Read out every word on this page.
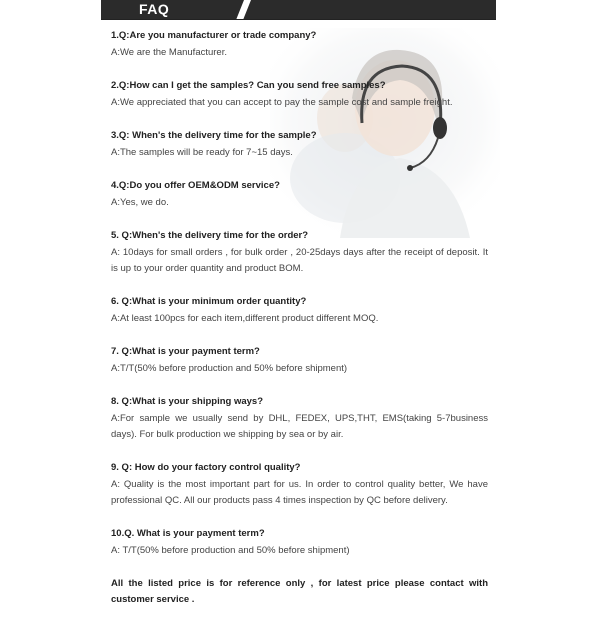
FAQ

1.Q:Are you manufacturer or trade company?

A:We are the Manufacturer.

2.Q:How can I get the samples? Can you send free samples?

A:We appreciated that you can accept to pay the sample cost and sample freight.

3.Q: When's the delivery time for the sample?

A:The samples will be ready for 7~15 days.

4.Q:Do you offer OEM&ODM service?

A:Yes, we do.

5. Q:When's the delivery time for the order?

A: 10days for small orders , for bulk order , 20-25days days after the receipt of deposit. It is up to your order quantity and product BOM.

6. Q:What is your minimum order quantity?

A:At least 100pcs for each item,different product different MOQ.

7. Q:What is your payment term?

A:T/T(50% before production and 50% before shipment)

8. Q:What is your shipping ways?

A:For sample we usually send by DHL, FEDEX, UPS,THT, EMS(taking 5-7business days). For bulk production we shipping by sea or by air.

9. Q: How do your factory control quality?

A: Quality is the most important part for us. In order to control quality better, We have professional QC. All our products pass 4 times inspection by QC before delivery.

10.Q. What is your payment term?

A: T/T(50% before production and 50% before shipment)

All the listed price is for reference only , for latest price please contact with customer service .
